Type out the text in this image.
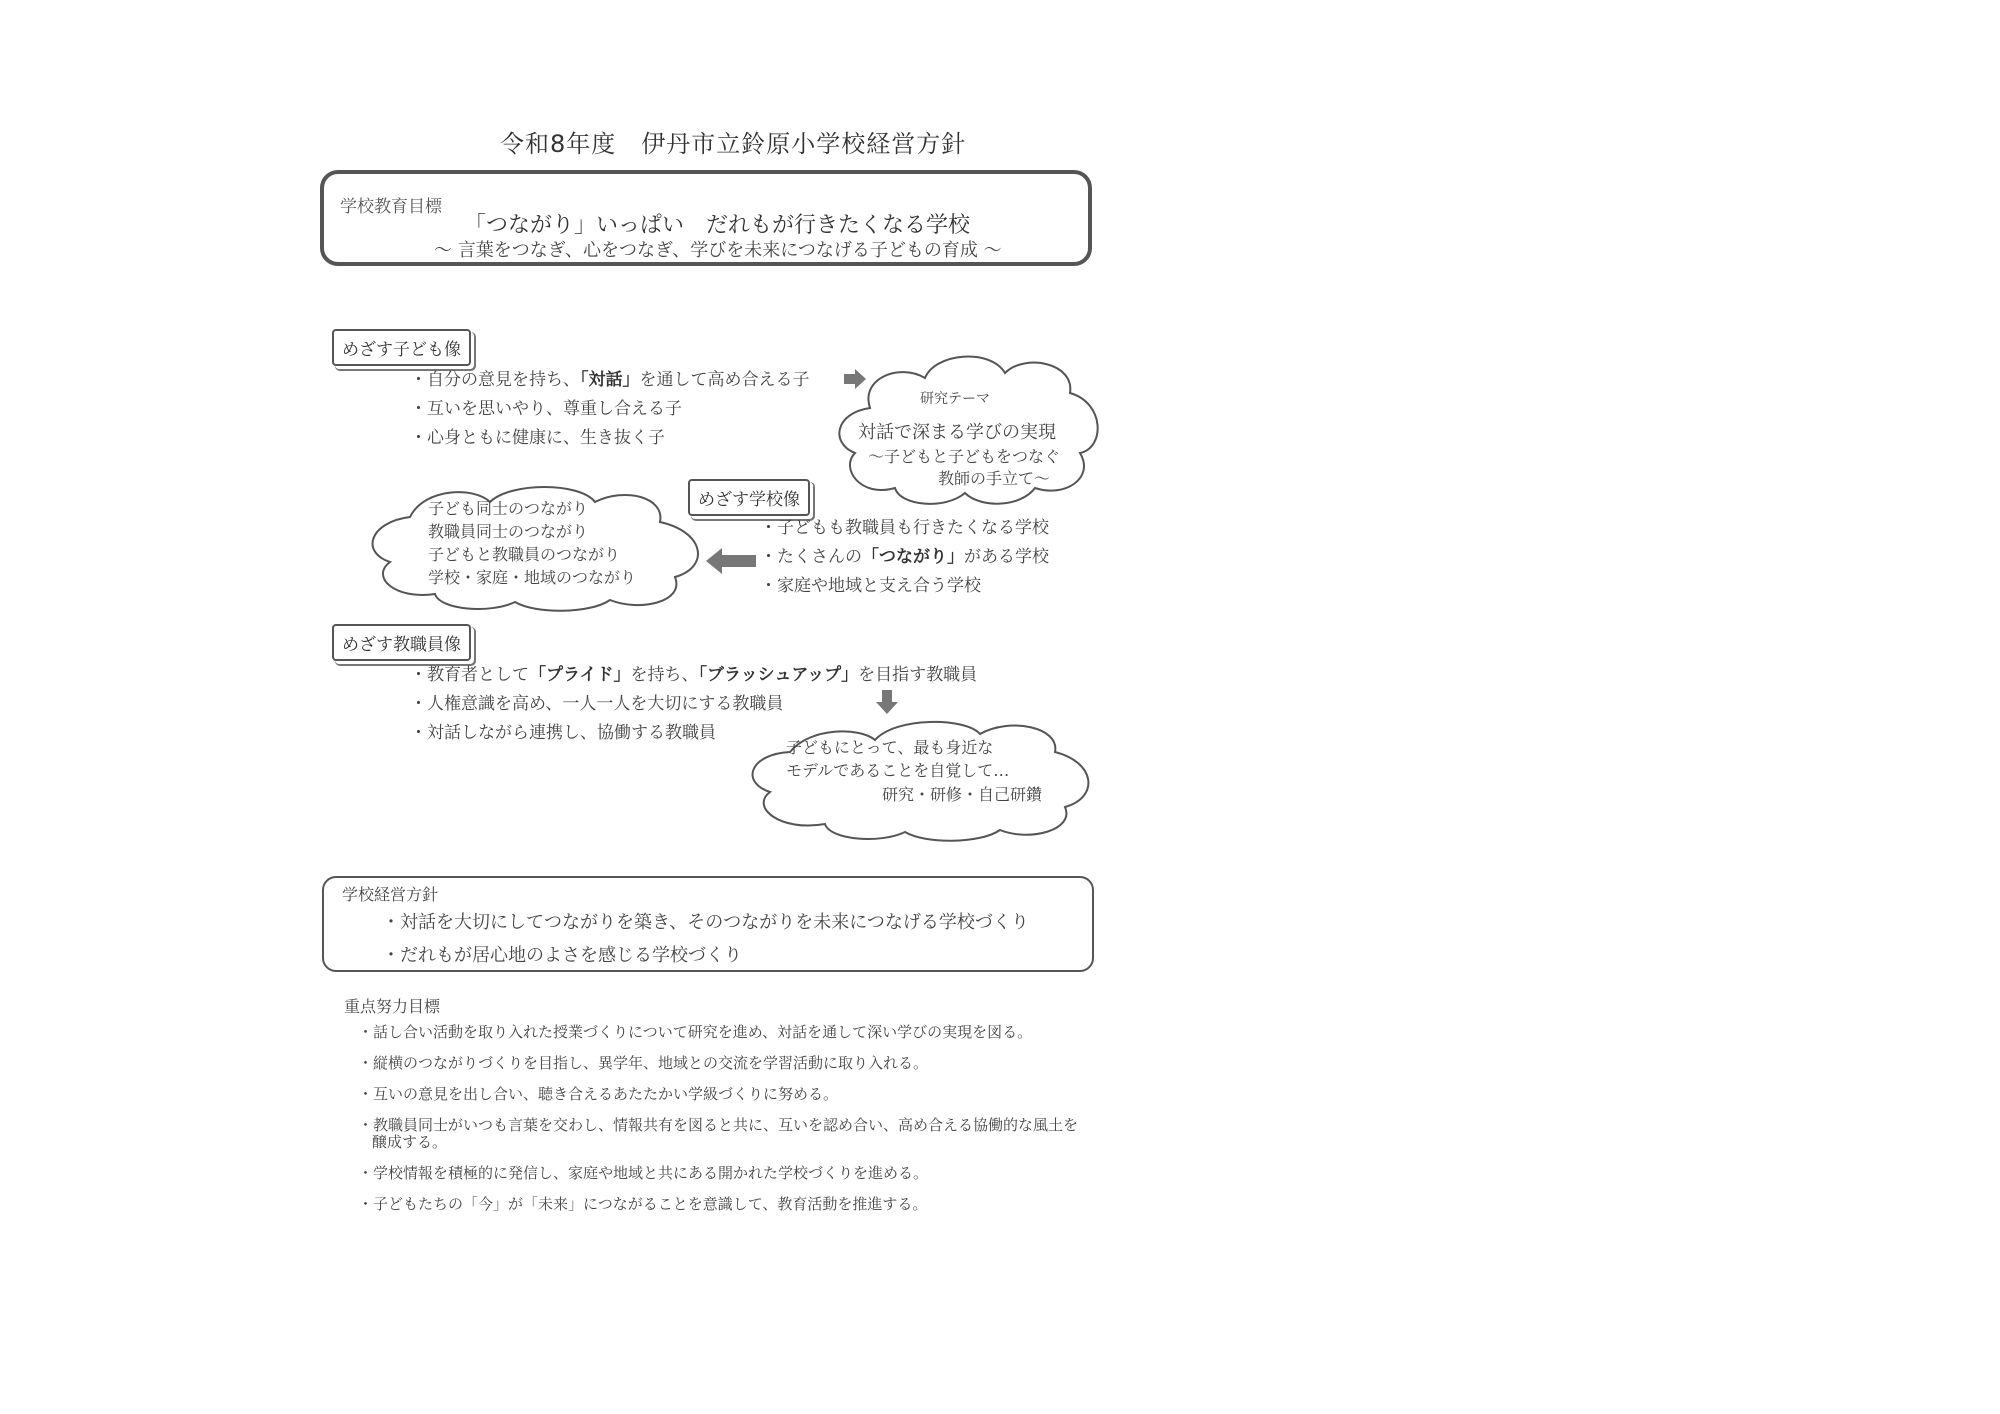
令和8年度　伊丹市立鈴原小学校経営方針
学校教育目標
「つながり」いっぱい　だれもが行きたくなる学校
～ 言葉をつなぎ、心をつなぎ、学びを未来につなげる子どもの育成 ～
めざす子ども像
・自分の意見を持ち、「対話」を通して高め合える子
・互いを思いやり、尊重し合える子
・心身ともに健康に、生き抜く子
研究テーマ
対話で深まる学びの実現
～子どもと子どもをつなぐ
教師の手立て～
めざす学校像
・子どもも教職員も行きたくなる学校
・たくさんの「つながり」がある学校
・家庭や地域と支え合う学校
子ども同士のつながり
教職員同士のつながり
子どもと教職員のつながり
学校・家庭・地域のつながり
めざす教職員像
・教育者として「プライド」を持ち、「ブラッシュアップ」を目指す教職員
・人権意識を高め、一人一人を大切にする教職員
・対話しながら連携し、協働する教職員
子どもにとって、最も身近な
モデルであることを自覚して…
研究・研修・自己研鑽
学校経営方針
・対話を大切にしてつながりを築き、そのつながりを未来につなげる学校づくり
・だれもが居心地のよさを感じる学校づくり
重点努力目標
・話し合い活動を取り入れた授業づくりについて研究を進め、対話を通して深い学びの実現を図る。
・縦横のつながりづくりを目指し、異学年、地域との交流を学習活動に取り入れる。
・互いの意見を出し合い、聴き合えるあたたかい学級づくりに努める。
・教職員同士がいつも言葉を交わし、情報共有を図ると共に、互いを認め合い、高め合える協働的な風土を醸成する。
・学校情報を積極的に発信し、家庭や地域と共にある開かれた学校づくりを進める。
・子どもたちの「今」が「未来」につながることを意識して、教育活動を推進する。
